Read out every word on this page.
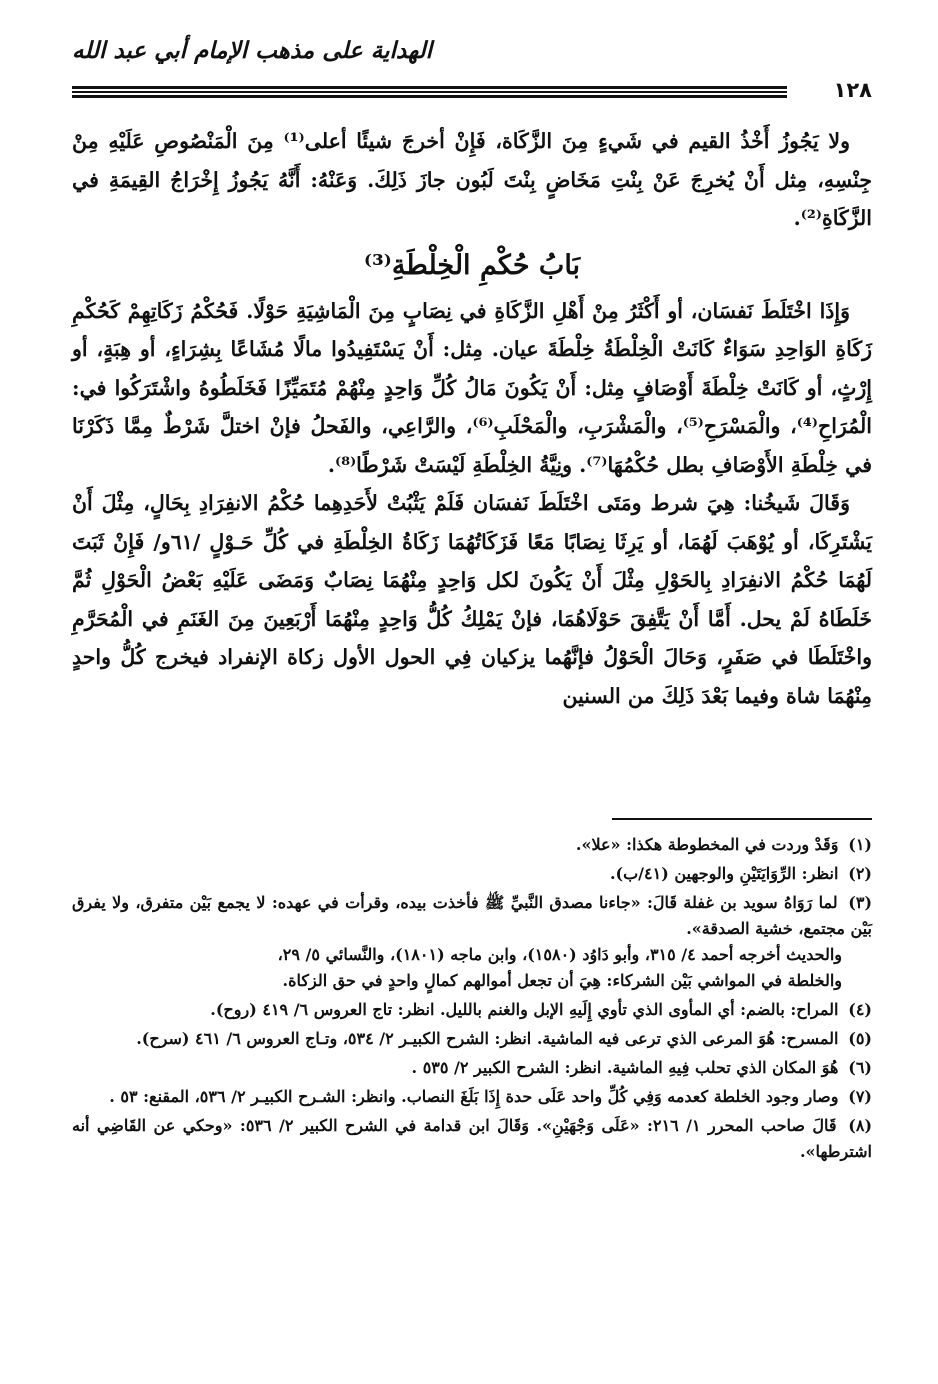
الهداية على مذهب الإمام أبي عبد الله
١٢٨

ولا يَجُوزُ أَخْذُ القيم في شَيءٍ مِنَ الزَّكَاة، فَإِنْ أخرجَ شيئًا أعلى⁽¹⁾ مِنَ الْمَنْصُوصِ عَلَيْهِ مِنْ جِنْسِهِ، مِثل أَنْ يُخرِجَ عَنْ بِنْتِ مَخَاضٍ بِنْتَ لَبُون جازَ ذَلِكَ. وَعَنْهُ: أَنَّهُ يَجُوزُ إِخْرَاجُ القِيمَةِ في الزَّكَاةِ⁽²⁾.

بَابُ حُكْمِ الْخِلْطَةِ⁽³⁾

وَإِذَا اخْتَلَطَ نَفسَان، أو أَكْثَرُ مِنْ أَهْلِ الزَّكَاةِ في نِصَابٍ مِنَ الْمَاشِيَةِ حَوْلًا. فَحُكْمُ زَكَاتِهِمْ كَحُكْمِ زَكَاةِ الوَاحِدِ سَوَاءٌ كَانَتْ الْخِلْطَةُ خِلْطَةَ عيان. مِثل: أَنْ يَسْتَفِيدُوا مالًا مُشَاعًا بِشِرَاءٍ، أو هِبَةٍ، أو إِرْثٍ، أو كَانَتْ خِلْطَةَ أَوْصَافٍ مِثل: أَنْ يَكُونَ مَالُ كُلِّ وَاحِدٍ مِنْهُمْ مُتَمَيِّزًا فَخَلَطُوهُ واشْتَرَكُوا في: الْمُرَاحِ⁽⁴⁾، والْمَسْرَحِ⁽⁵⁾، والْمَشْرَبِ، والْمَحْلَبِ⁽⁶⁾، والرَّاعِي، والفَحلُ فإنْ اختلَّ شَرْطٌ مِمَّا ذَكَرْنَا في خِلْطَةِ الأَوْصَافِ بطل حُكْمُهَا⁽⁷⁾. ونِيَّةُ الخِلْطَةِ لَيْسَتْ شَرْطًا⁽⁸⁾.

وَقَالَ شَيخُنا: هِيَ شرط ومَتَى اخْتَلَطَ نَفسَان فَلَمْ يَثْبُتْ لأَحَدِهِما حُكْمُ الانفِرَادِ بِحَالٍ، مِثْلَ أَنْ يَشْتَرِكَا، أو يُوْهَبَ لَهُمَا، أو يَرِثَا نِصَابًا مَعًا فَزَكَاتُهُمَا زَكَاةُ الخِلْطَةِ في كُلِّ حَـوْلٍ /٦١و/ فَإِنْ ثَبَتَ لَهُمَا حُكْمُ الانفِرَادِ بِالحَوْلِ مِثْلَ أَنْ يَكُونَ لكل وَاحِدٍ مِنْهُمَا نِصَابٌ وَمَضَى عَلَيْهِ بَعْضُ الْحَوْلِ ثُمَّ خَلَطَاهُ لَمْ يحل. أَمَّا أَنْ يَتَّفِقَ حَوْلَاهُمَا، فإنْ يَمْلِكُ كُلُّ وَاحِدٍ مِنْهُمَا أَرْبَعِينَ مِنَ الغَنَمِ في الْمُحَرَّمِ واخْتَلَطَا في صَفَرٍ، وَحَالَ الْحَوْلُ فإنَّهُما يزكيان فِي الحول الأول زكاة الإنفراد فيخرج كُلُّ واحدٍ مِنْهُمَا شاة وفيما بَعْدَ ذَلِكَ من السنين

(١) وَقَدْ وردت في المخطوطة هكذا: «علا».

(٢) انظر: الرِّوَايَتَيْنِ والوجهين (٤١/ب).

(٣) لما رَوَاهُ سويد بن غفلة قَالَ: «جاءنا مصدق النَّبيِّ ﷺ فأخذت بيده، وقرأت في عهده: لا يجمع بَيْن متفرق، ولا يفرق بَيْن مجتمع، خشية الصدقة».
والحديث أخرجه أحمد ٤/ ٣١٥، وأبو دَاوُد (١٥٨٠)، وابن ماجه (١٨٠١)، والنَّسائي ٥/ ٢٩،
والخلطة في المواشي بَيْن الشركاء: هِيَ أن تجعل أموالهم كمالٍ واحدٍ في حق الزكاة.

(٤) المراح: بالضم: أي المأوى الذي تأوي إِلَيهِ الإبل والغنم بالليل. انظر: تاج العروس ٦/ ٤١٩ (روح).

(٥) المسرح: هُوَ المرعى الذي ترعى فيه الماشية. انظر: الشرح الكبيـر ٢/ ٥٣٤، وتـاج العروس ٦/ ٤٦١ (سرح).

(٦) هُوَ المكان الذي تحلب فِيهِ الماشية. انظر: الشرح الكبير ٢/ ٥٣٥ .

(٧) وصار وجود الخلطة كعدمه وَفِي كُلِّ واحد عَلَى حدة إِذَا بَلَغَ النصاب. وانظر: الشـرح الكبيـر ٢/ ٥٣٦، المقنع: ٥٣ .

(٨) قَالَ صاحب المحرر ١/ ٢١٦: «عَلَى وَجْهَيْنِ». وَقَالَ ابن قدامة في الشرح الكبير ٢/ ٥٣٦: «وحكي عن القَاضِي أنه اشترطها».
